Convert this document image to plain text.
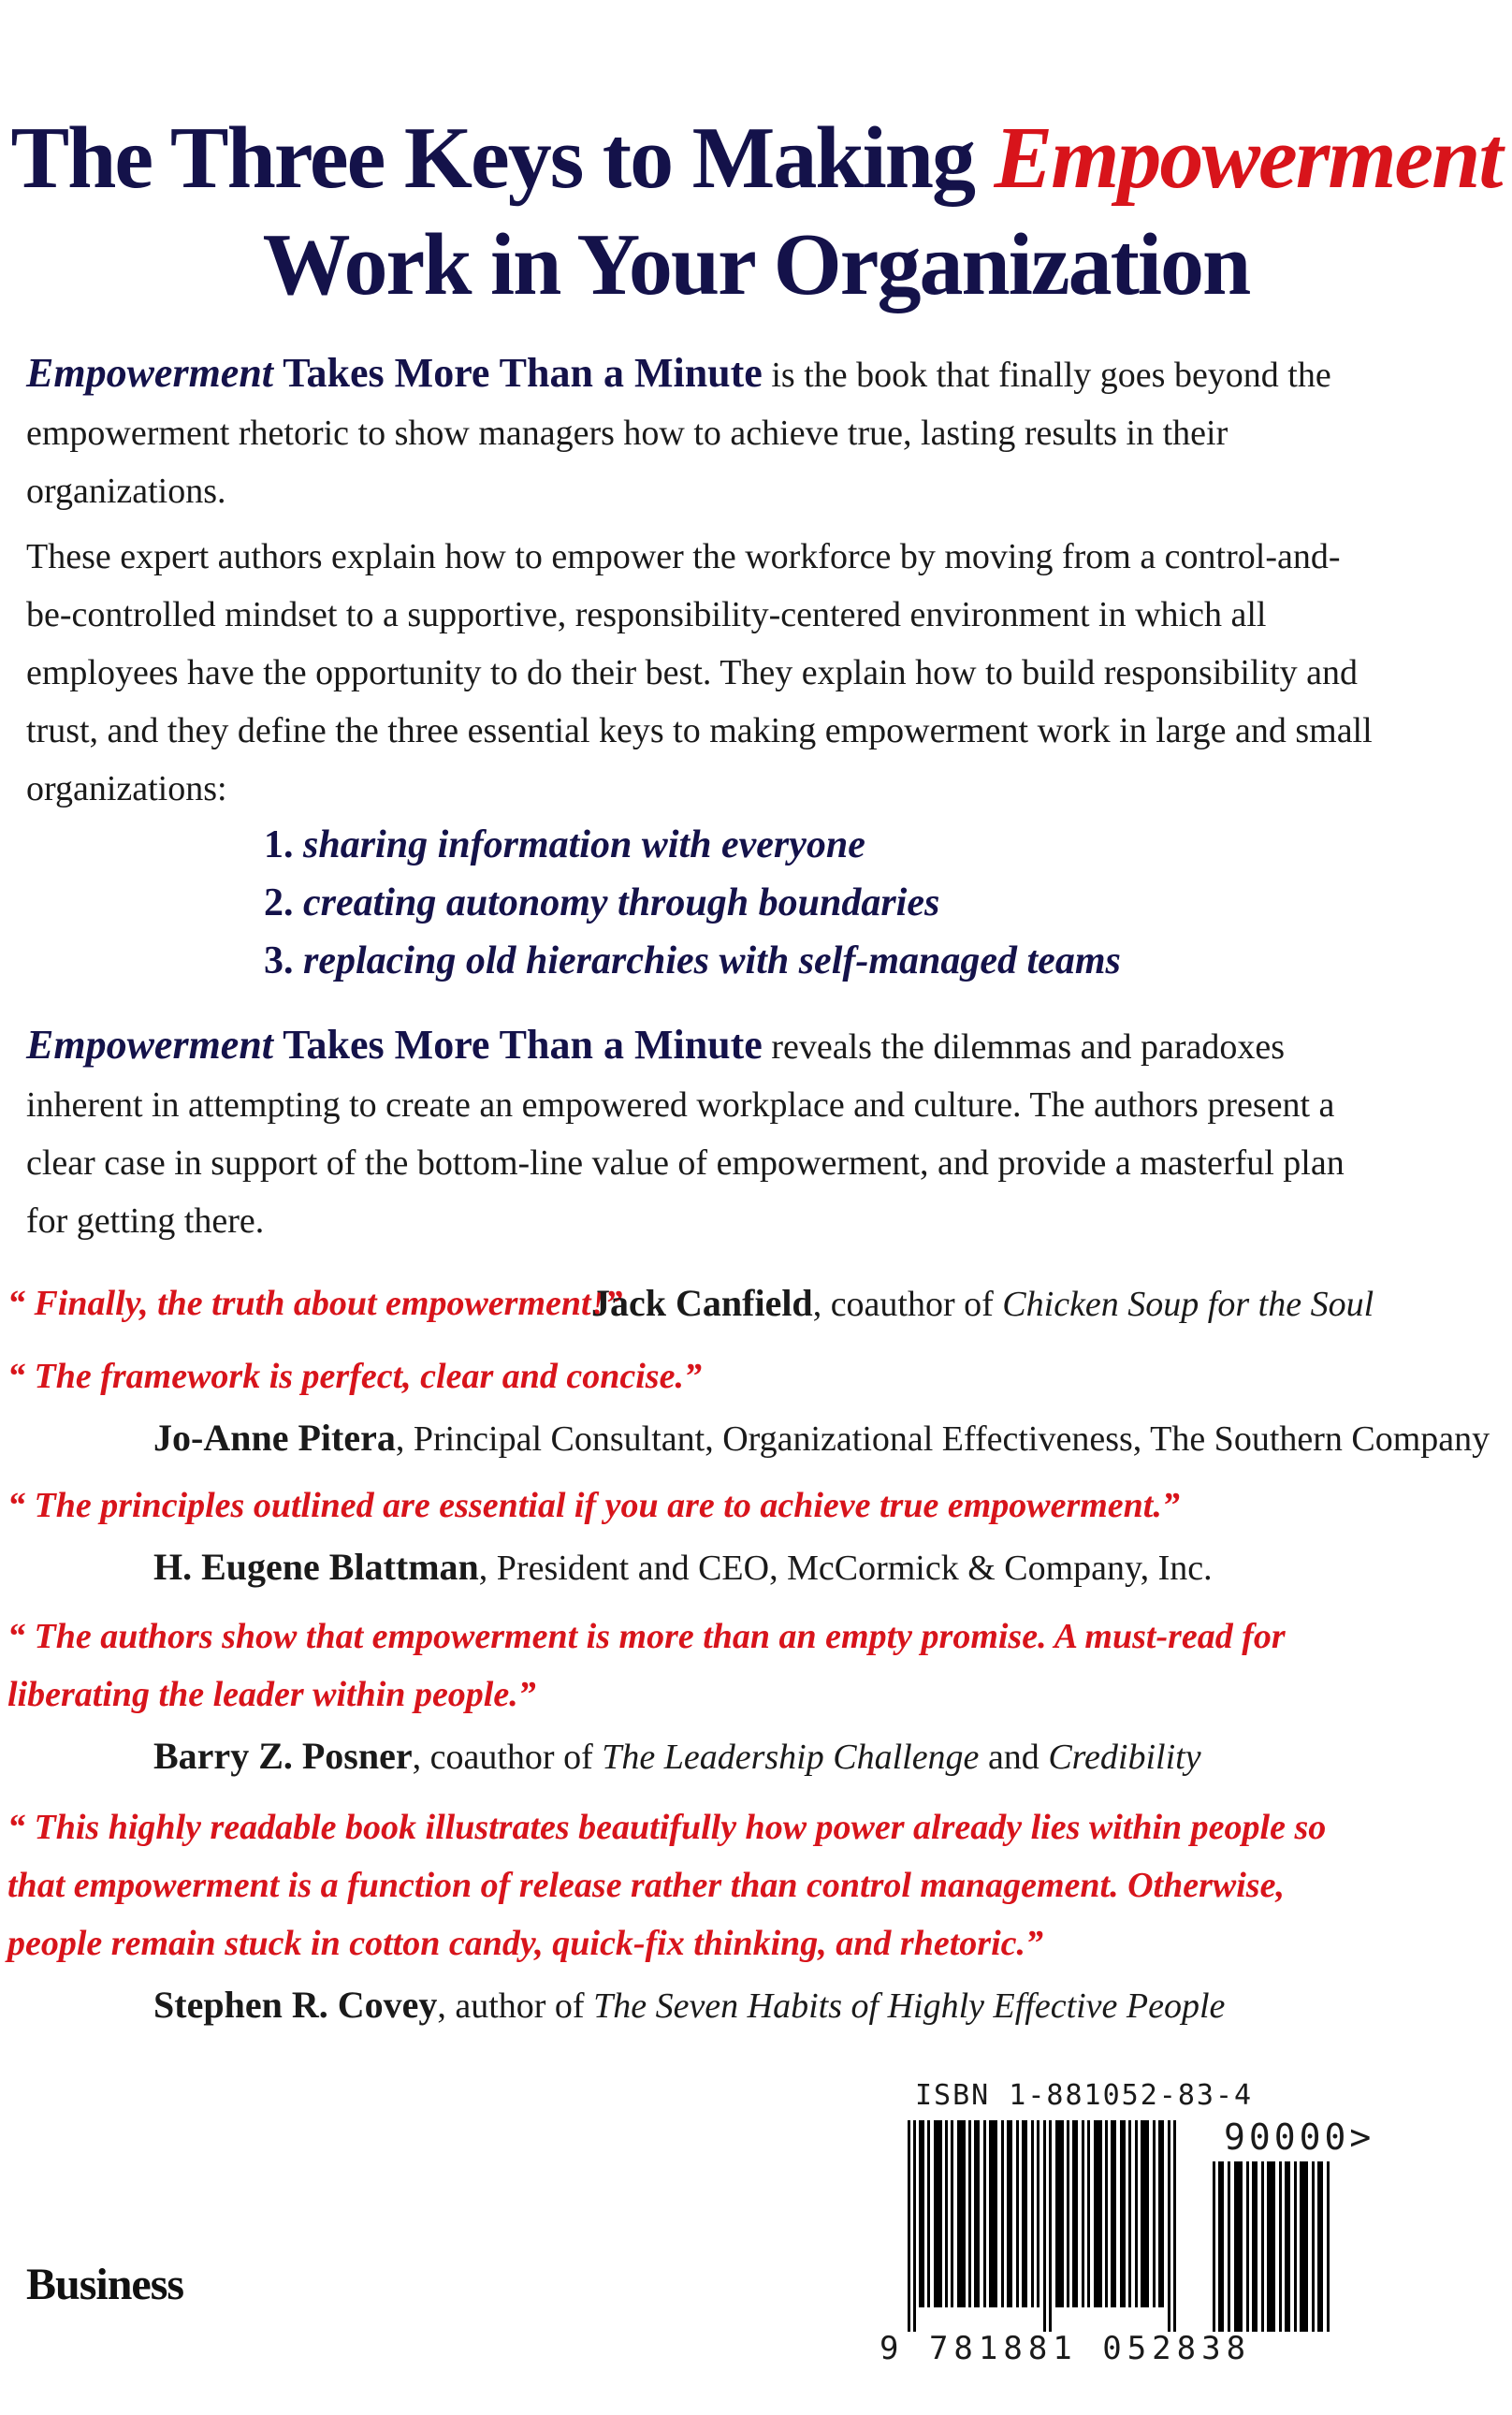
The Three Keys to Making Empowerment
Work in Your Organization
Empowerment Takes More Than a Minute is the book that finally goes beyond the empowerment rhetoric to show managers how to achieve true, lasting results in their organizations.
These expert authors explain how to empower the workforce by moving from a control-and-be-controlled mindset to a supportive, responsibility-centered environment in which all employees have the opportunity to do their best. They explain how to build responsibility and trust, and they define the three essential keys to making empowerment work in large and small organizations:
1. sharing information with everyone
2. creating autonomy through boundaries
3. replacing old hierarchies with self-managed teams
Empowerment Takes More Than a Minute reveals the dilemmas and paradoxes inherent in attempting to create an empowered workplace and culture. The authors present a clear case in support of the bottom-line value of empowerment, and provide a masterful plan for getting there.
“ Finally, the truth about empowerment!”
Jack Canfield, coauthor of Chicken Soup for the Soul
“ The framework is perfect, clear and concise.”
Jo-Anne Pitera, Principal Consultant, Organizational Effectiveness, The Southern Company
“ The principles outlined are essential if you are to achieve true empowerment.”
H. Eugene Blattman, President and CEO, McCormick & Company, Inc.
“ The authors show that empowerment is more than an empty promise. A must-read for liberating the leader within people.”
Barry Z. Posner, coauthor of The Leadership Challenge and Credibility
“ This highly readable book illustrates beautifully how power already lies within people so that empowerment is a function of release rather than control management. Otherwise, people remain stuck in cotton candy, quick-fix thinking, and rhetoric.”
Stephen R. Covey, author of The Seven Habits of Highly Effective People
ISBN 1-881052-83-4
90000>
9 781881 052838
Business
